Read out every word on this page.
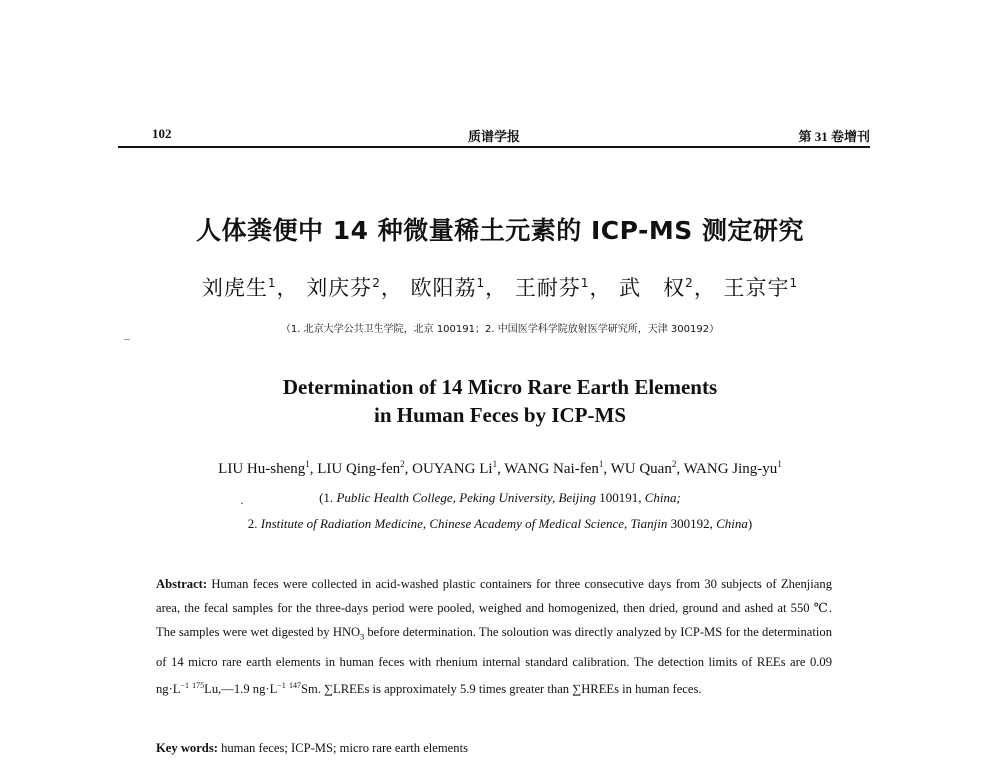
102	质谱学报	第 31 卷增刊
人体粪便中 14 种微量稀土元素的 ICP-MS 测定研究
刘虎生$^1$， 刘庆芬$^2$， 欧阳荔$^1$， 王耐芬$^1$， 武　权$^2$， 王京宇$^1$
（1. 北京大学公共卫生学院，北京 100191；2. 中国医学科学院放射医学研究所，天津 300192）
Determination of 14 Micro Rare Earth Elements
in Human Feces by ICP-MS
LIU Hu-sheng$^1$, LIU Qing-fen$^2$, OUYANG Li$^1$, WANG Nai-fen$^1$, WU Quan$^2$, WANG Jing-$yu^1$
·	(1. Public Health College, Peking University, Beijing 100191, China;
2. Institute of Radiation Medicine, Chinese Academy of Medical Science, Tianjin 300192, China)
Abstract: Human feces were collected in acid-washed plastic containers for three consecutive days from 30 subjects of Zhenjiang area, the fecal samples for the three-days period were pooled, weighed and homogenized, then dried, ground and ashed at 550 ℃. The samples were wet digested by $HNO_3$ before determination. The soloution was directly analyzed by ICP-MS for the determination of 14 micro rare earth elements in human feces with rhenium internal standard calibration. The detection limits of REEs are 0.09 $ng\cdot L^{-1}$ $^{175}$Lu,—1.9 $ng\cdot L^{-1}$ $^{147}$Sm. ∑LREEs is approximately 5.9 times greater than ∑HREEs in human feces.
Key words: human feces; ICP-MS; micro rare earth elements
